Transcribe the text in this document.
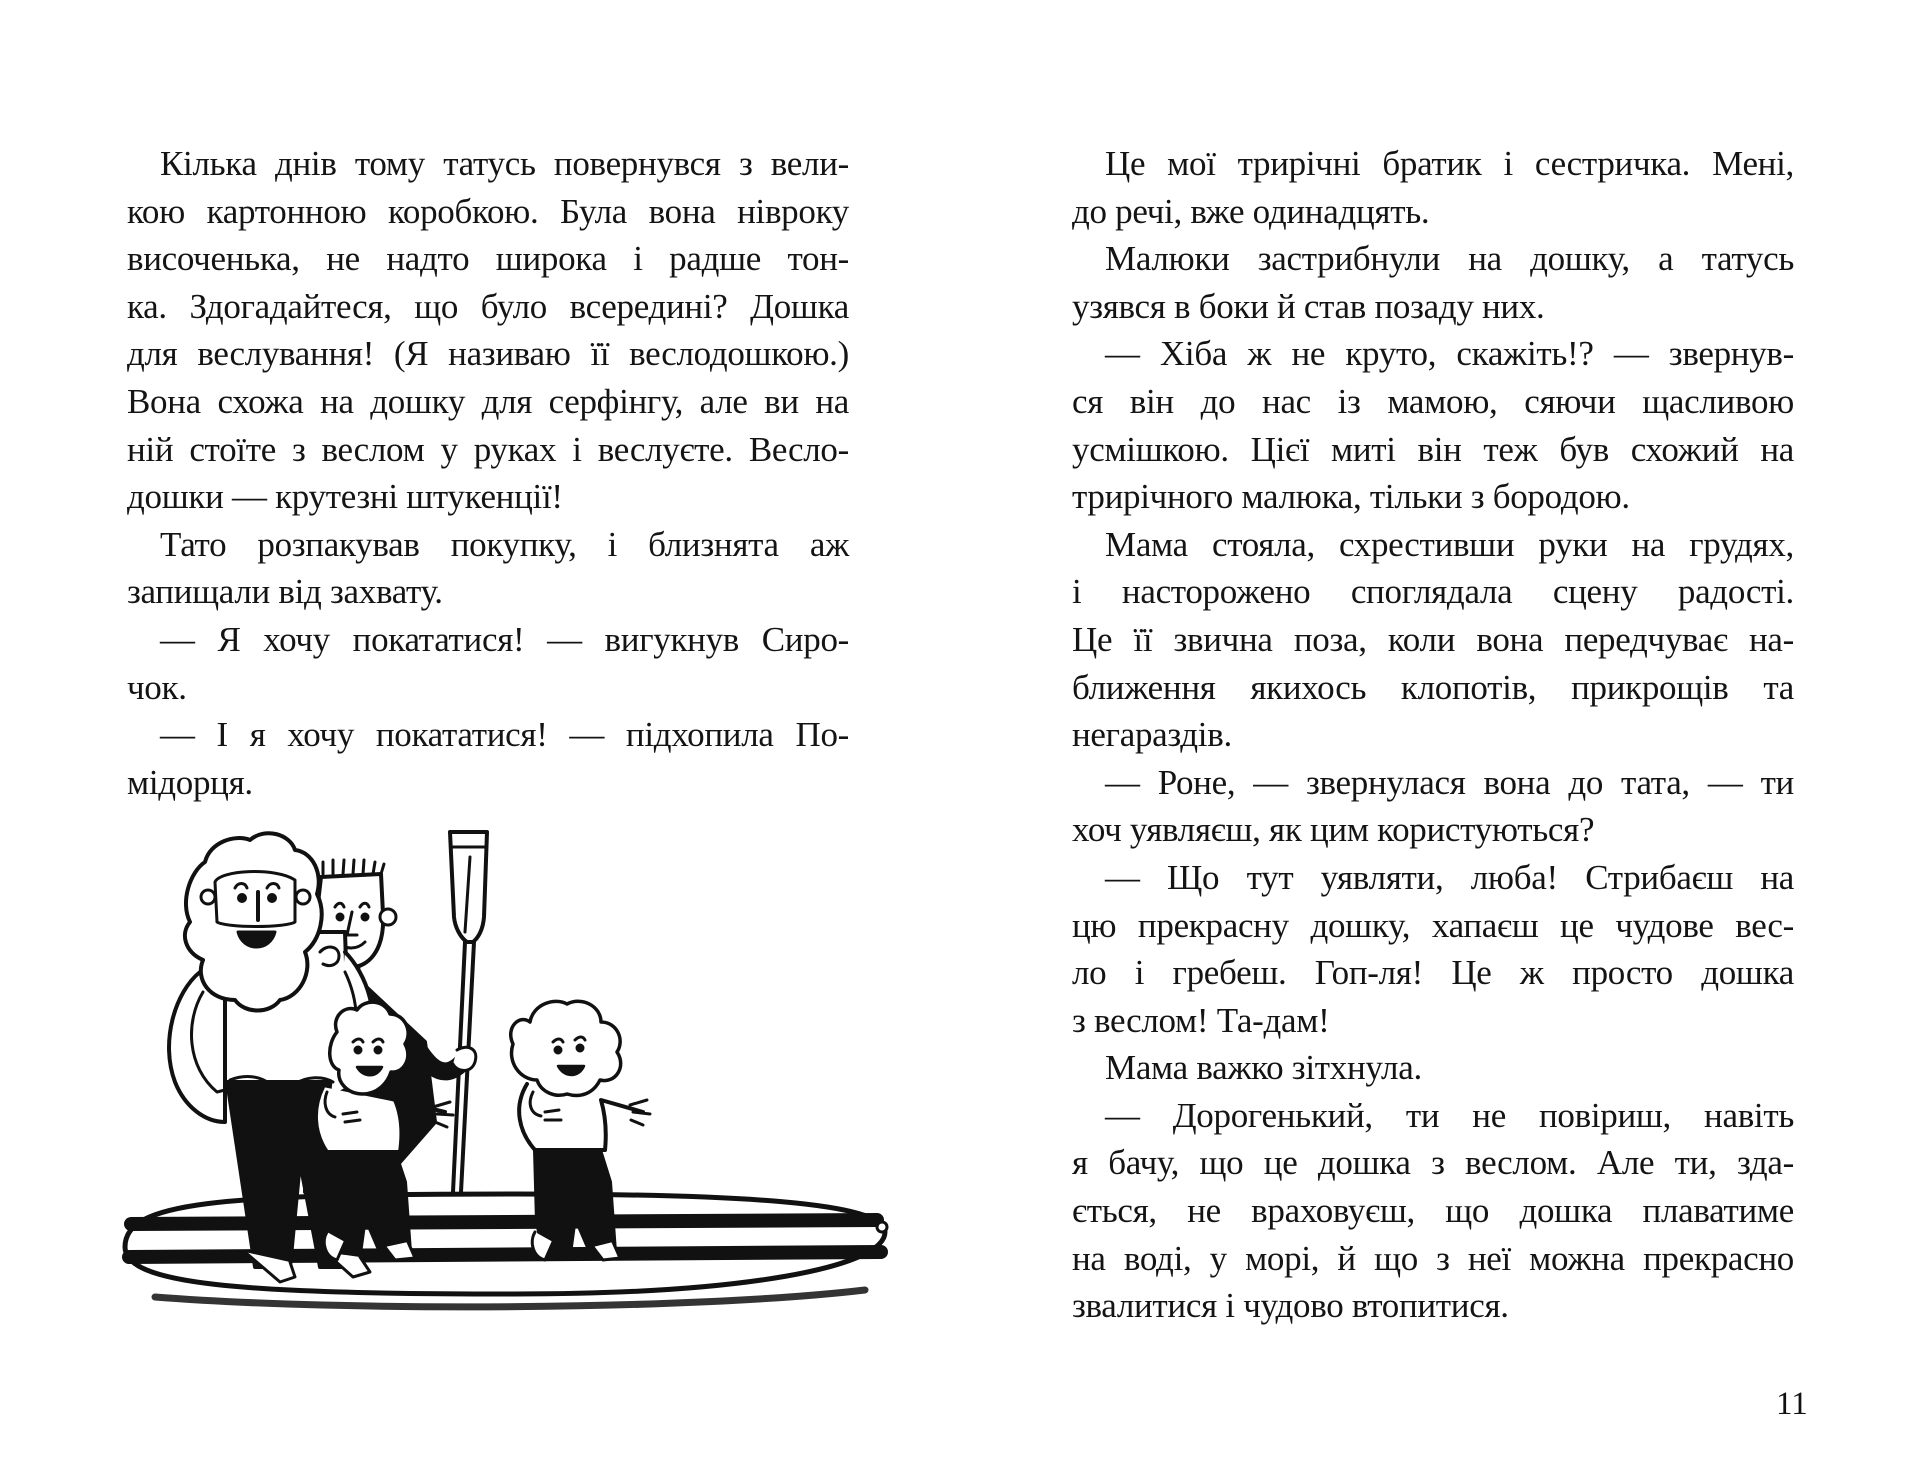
Кілька днів тому татусь повернувся з вели-
кою картонною коробкою. Була вона нівроку
височенька, не надто широка і радше тон-
ка. Здогадайтеся, що було всередині? Дошка
для веслування! (Я називаю її веслодошкою.)
Вона схожа на дошку для серфінгу, але ви на
ній стоїте з веслом у руках і веслуєте. Весло-
дошки — крутезні штукенції!
Тато розпакував покупку, і близнята аж
запищали від захвату.
— Я хочу покататися! — вигукнув Сиро-
чок.
— І я хочу покататися! — підхопила По-
мідорця.
Це мої трирічні братик і сестричка. Мені,
до речі, вже одинадцять.
Малюки застрибнули на дошку, а татусь
узявся в боки й став позаду них.
— Хіба ж не круто, скажіть!? — звернув-
ся він до нас із мамою, сяючи щасливою
усмішкою. Цієї миті він теж був схожий на
трирічного малюка, тільки з бородою.
Мама стояла, схрестивши руки на грудях,
і насторожено споглядала сцену радості.
Це її звична поза, коли вона передчуває на-
ближення якихось клопотів, прикрощів та
негараздів.
— Роне, — звернулася вона до тата, — ти
хоч уявляєш, як цим користуються?
— Що тут уявляти, люба! Стрибаєш на
цю прекрасну дошку, хапаєш це чудове вес-
ло і гребеш. Гоп-ля! Це ж просто дошка
з веслом! Та-дам!
Мама важко зітхнула.
— Дорогенький, ти не повіриш, навіть
я бачу, що це дошка з веслом. Але ти, зда-
ється, не враховуєш, що дошка плаватиме
на воді, у морі, й що з неї можна прекрасно
звалитися і чудово втопитися.
11
